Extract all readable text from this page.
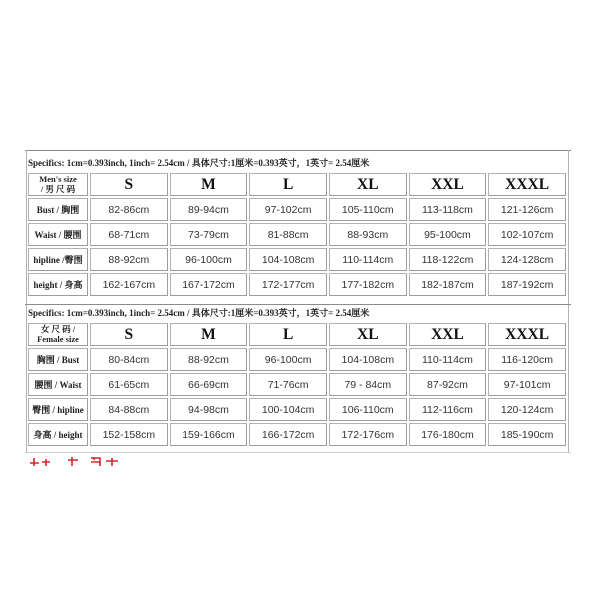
Specifics: 1cm=0.393inch, 1inch= 2.54cm / 具体尺寸:1厘米=0.393英寸，1英寸= 2.54厘米
Men's size
/ 男 尺 码	S	M	L	XL	XXL	XXXL
Bust / 胸围	82-86cm	89-94cm	97-102cm	105-110cm	113-118cm	121-126cm
Waist / 腰围	68-71cm	73-79cm	81-88cm	88-93cm	95-100cm	102-107cm
hipline /臀围	88-92cm	96-100cm	104-108cm	110-114cm	118-122cm	124-128cm
height / 身高	162-167cm	167-172cm	172-177cm	177-182cm	182-187cm	187-192cm
Specifics: 1cm=0.393inch, 1inch= 2.54cm / 具体尺寸:1厘米=0.393英寸，1英寸= 2.54厘米
女 尺 码 /
Female size	S	M	L	XL	XXL	XXXL
胸围 / Bust	80-84cm	88-92cm	96-100cm	104-108cm	110-114cm	116-120cm
腰围 / Waist	61-65cm	66-69cm	71-76cm	79 - 84cm	87-92cm	97-101cm
臀围 / hipline	84-88cm	94-98cm	100-104cm	106-110cm	112-116cm	120-124cm
身高 / height	152-158cm	159-166cm	166-172cm	172-176cm	176-180cm	185-190cm
